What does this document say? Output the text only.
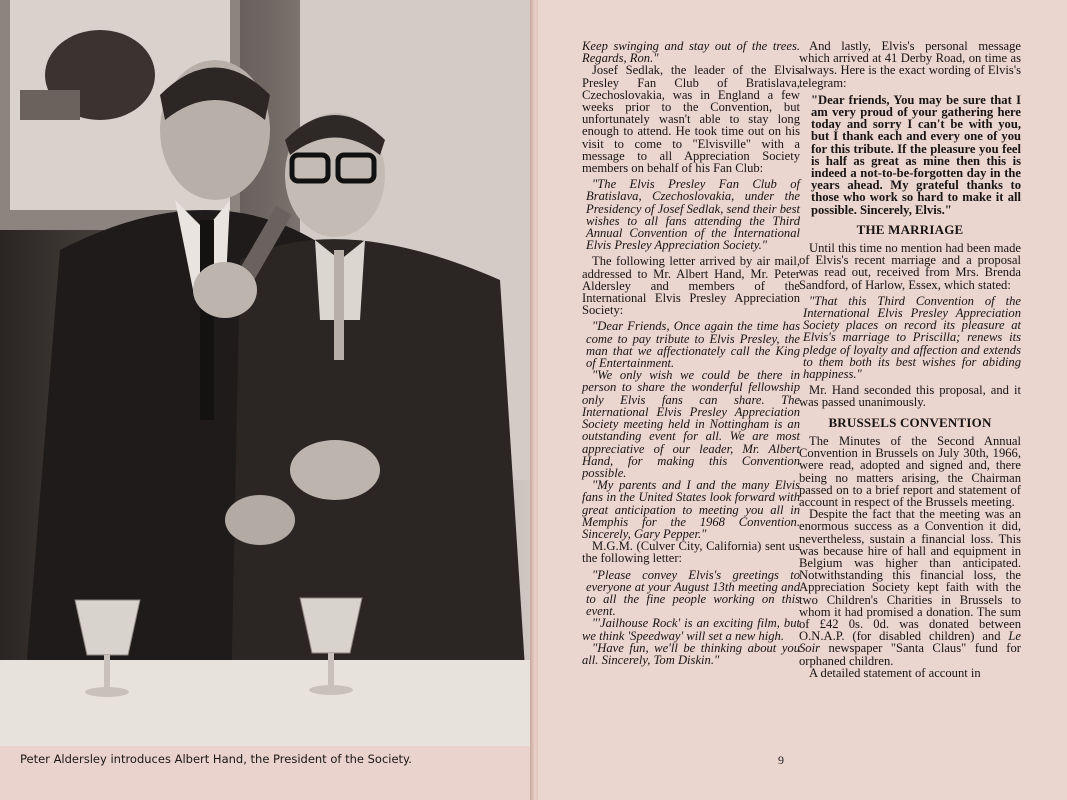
Peter Aldersley introduces Albert Hand, the President of the Society.

Keep swinging and stay out of the trees. Regards, Ron."

Josef Sedlak, the leader of the Elvis Presley Fan Club of Bratislava, Czechoslovakia, was in England a few weeks prior to the Convention, but unfortunately wasn't able to stay long enough to attend. He took time out on his visit to come to "Elvisville" with a message to all Appreciation Society members on behalf of his Fan Club:

"The Elvis Presley Fan Club of Bratislava, Czechoslovakia, under the Presidency of Josef Sedlak, send their best wishes to all fans attending the Third Annual Convention of the International Elvis Presley Appreciation Society."

The following letter arrived by air mail, addressed to Mr. Albert Hand, Mr. Peter Aldersley and members of the International Elvis Presley Appreciation Society:

"Dear Friends, Once again the time has come to pay tribute to Elvis Presley, the man that we affectionately call the King of Entertainment.

"We only wish we could be there in person to share the wonderful fellowship only Elvis fans can share. The International Elvis Presley Appreciation Society meeting held in Nottingham is an outstanding event for all. We are most appreciative of our leader, Mr. Albert Hand, for making this Convention possible.

"My parents and I and the many Elvis fans in the United States look forward with great anticipation to meeting you all in Memphis for the 1968 Convention. Sincerely, Gary Pepper."

M.G.M. (Culver City, California) sent us the following letter:

"Please convey Elvis's greetings to everyone at your August 13th meeting and to all the fine people working on this event.

"'Jailhouse Rock' is an exciting film, but we think 'Speedway' will set a new high.

"Have fun, we'll be thinking about you all. Sincerely, Tom Diskin."

And lastly, Elvis's personal message which arrived at 41 Derby Road, on time as always. Here is the exact wording of Elvis's telegram:

"Dear friends, You may be sure that I am very proud of your gathering here today and sorry I can't be with you, but I thank each and every one of you for this tribute. If the pleasure you feel is half as great as mine then this is indeed a not-to-be-forgotten day in the years ahead. My grateful thanks to those who work so hard to make it all possible. Sincerely, Elvis."

THE MARRIAGE

Until this time no mention had been made of Elvis's recent marriage and a proposal was read out, received from Mrs. Brenda Sandford, of Harlow, Essex, which stated:

"That this Third Convention of the International Elvis Presley Appreciation Society places on record its pleasure at Elvis's marriage to Priscilla; renews its pledge of loyalty and affection and extends to them both its best wishes for abiding happiness."

Mr. Hand seconded this proposal, and it was passed unanimously.

BRUSSELS CONVENTION

The Minutes of the Second Annual Convention in Brussels on July 30th, 1966, were read, adopted and signed and, there being no matters arising, the Chairman passed on to a brief report and statement of account in respect of the Brussels meeting.

Despite the fact that the meeting was an enormous success as a Convention it did, nevertheless, sustain a financial loss. This was because hire of hall and equipment in Belgium was higher than anticipated. Notwithstanding this financial loss, the Appreciation Society kept faith with the two Children's Charities in Brussels to whom it had promised a donation. The sum of £42 0s. 0d. was donated between O.N.A.P. (for disabled children) and Le Soir newspaper "Santa Claus" fund for orphaned children.

A detailed statement of account in

9
